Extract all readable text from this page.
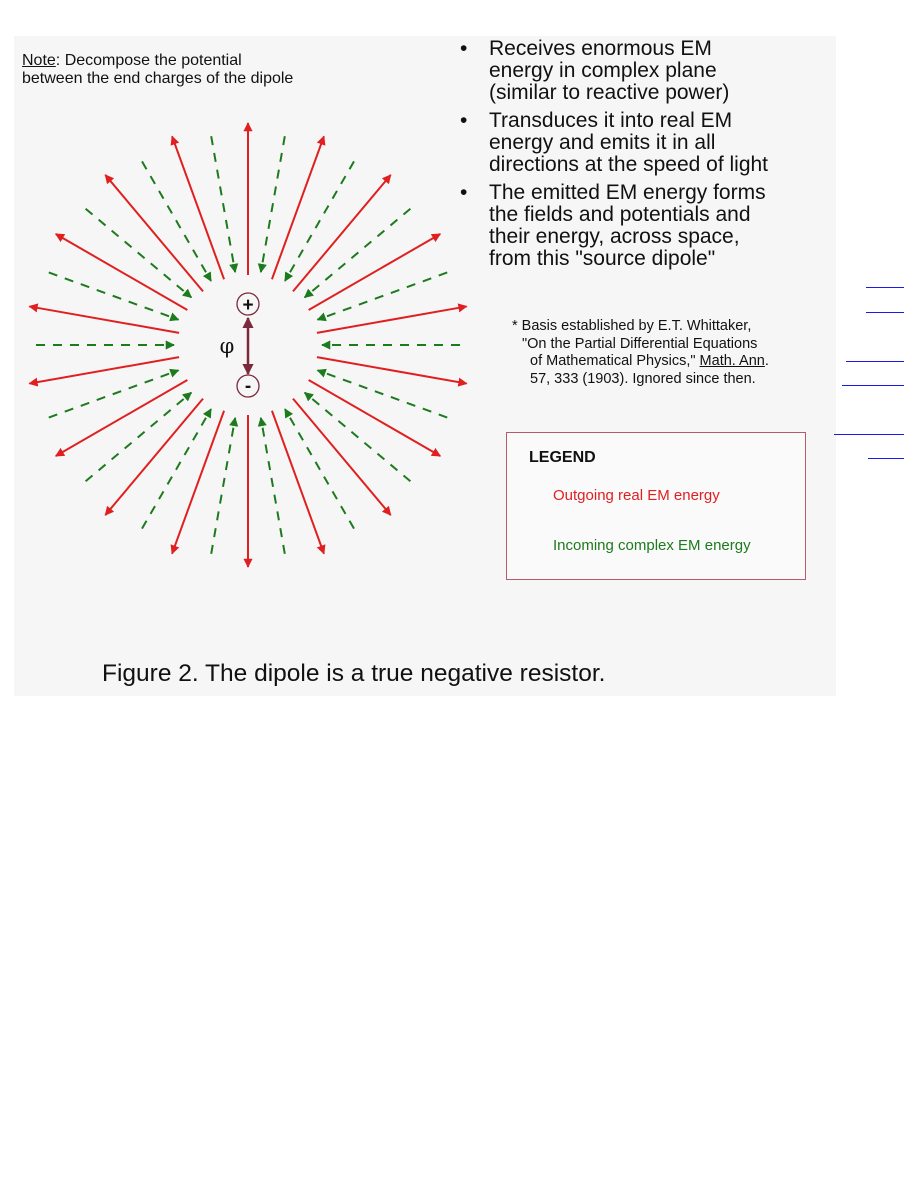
Note: Decompose the potential
between the end charges of the dipole
+
-
φ
• Receives enormous EM
energy in complex plane
(similar to reactive power)
• Transduces it into real EM
energy and emits it in all
directions at the speed of light
• The emitted EM energy forms
the fields and potentials and
their energy, across space,
from this "source dipole"
* Basis established by E.T. Whittaker,
"On the Partial Differential Equations
of Mathematical Physics," Math. Ann.
57, 333 (1903). Ignored since then.
LEGEND
Outgoing real EM energy
Incoming complex EM energy
Figure 2. The dipole is a true negative resistor.
